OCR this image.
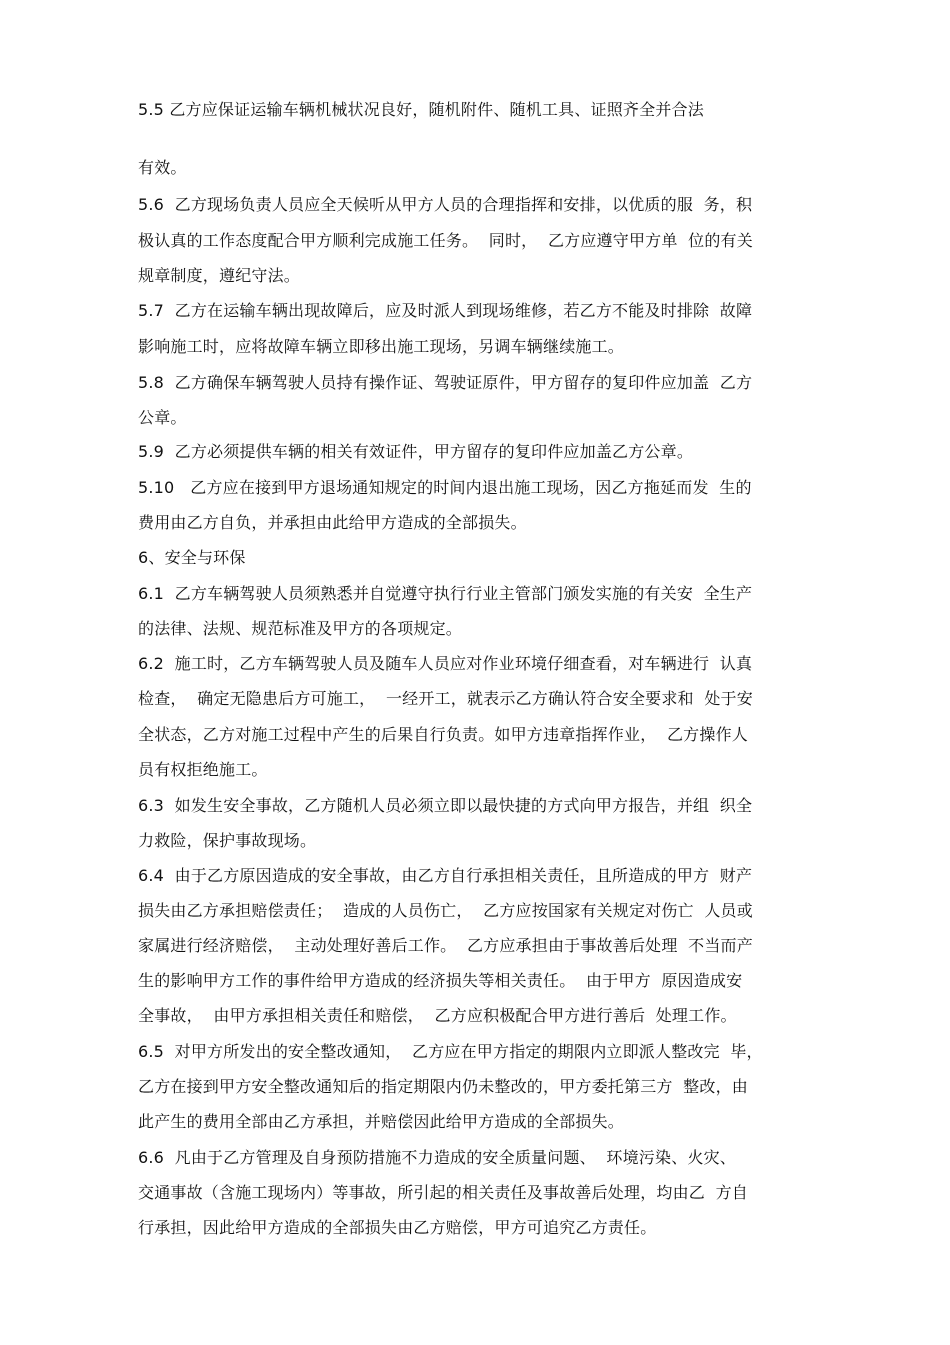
5.5 乙方应保证运输车辆机械状况良好，随机附件、随机工具、证照齐全并合法
有效。
5.6  乙方现场负责人员应全天候听从甲方人员的合理指挥和安排，以优质的服  务，积
极认真的工作态度配合甲方顺利完成施工任务。  同时，  乙方应遵守甲方单  位的有关
规章制度，遵纪守法。
5.7  乙方在运输车辆出现故障后，应及时派人到现场维修，若乙方不能及时排除  故障
影响施工时，应将故障车辆立即移出施工现场，另调车辆继续施工。
5.8  乙方确保车辆驾驶人员持有操作证、驾驶证原件，甲方留存的复印件应加盖  乙方
公章。
5.9  乙方必须提供车辆的相关有效证件，甲方留存的复印件应加盖乙方公章。
5.10   乙方应在接到甲方退场通知规定的时间内退出施工现场，因乙方拖延而发  生的
费用由乙方自负，并承担由此给甲方造成的全部损失。
6、安全与环保
6.1  乙方车辆驾驶人员须熟悉并自觉遵守执行行业主管部门颁发实施的有关安  全生产
的法律、法规、规范标准及甲方的各项规定。
6.2  施工时，乙方车辆驾驶人员及随车人员应对作业环境仔细查看，对车辆进行  认真
检查，  确定无隐患后方可施工，  一经开工，就表示乙方确认符合安全要求和  处于安
全状态，乙方对施工过程中产生的后果自行负责。如甲方违章指挥作业，  乙方操作人
员有权拒绝施工。
6.3  如发生安全事故，乙方随机人员必须立即以最快捷的方式向甲方报告，并组  织全
力救险，保护事故现场。
6.4  由于乙方原因造成的安全事故，由乙方自行承担相关责任，且所造成的甲方  财产
损失由乙方承担赔偿责任；  造成的人员伤亡，  乙方应按国家有关规定对伤亡  人员或
家属进行经济赔偿，  主动处理好善后工作。  乙方应承担由于事故善后处理  不当而产
生的影响甲方工作的事件给甲方造成的经济损失等相关责任。  由于甲方  原因造成安
全事故，  由甲方承担相关责任和赔偿，  乙方应积极配合甲方进行善后  处理工作。
6.5  对甲方所发出的安全整改通知，  乙方应在甲方指定的期限内立即派人整改完  毕，
乙方在接到甲方安全整改通知后的指定期限内仍未整改的，甲方委托第三方  整改，由
此产生的费用全部由乙方承担，并赔偿因此给甲方造成的全部损失。
6.6  凡由于乙方管理及自身预防措施不力造成的安全质量问题、  环境污染、火灾、
交通事故（含施工现场内）等事故，所引起的相关责任及事故善后处理，均由乙  方自
行承担，因此给甲方造成的全部损失由乙方赔偿，甲方可追究乙方责任。
